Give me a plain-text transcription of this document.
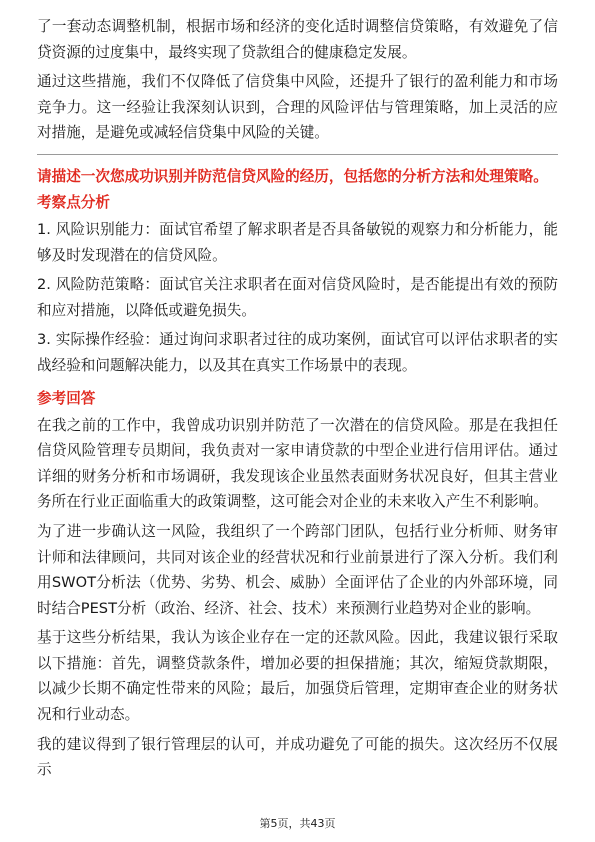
了一套动态调整机制，根据市场和经济的变化适时调整信贷策略，有效避免了信贷资源的过度集中，最终实现了贷款组合的健康稳定发展。

通过这些措施，我们不仅降低了信贷集中风险，还提升了银行的盈利能力和市场竞争力。这一经验让我深刻认识到，合理的风险评估与管理策略，加上灵活的应对措施，是避免或减轻信贷集中风险的关键。

请描述一次您成功识别并防范信贷风险的经历，包括您的分析方法和处理策略。

考察点分析

1. 风险识别能力：面试官希望了解求职者是否具备敏锐的观察力和分析能力，能够及时发现潜在的信贷风险。

2. 风险防范策略：面试官关注求职者在面对信贷风险时，是否能提出有效的预防和应对措施，以降低或避免损失。

3. 实际操作经验：通过询问求职者过往的成功案例，面试官可以评估求职者的实战经验和问题解决能力，以及其在真实工作场景中的表现。

参考回答

在我之前的工作中，我曾成功识别并防范了一次潜在的信贷风险。那是在我担任信贷风险管理专员期间，我负责对一家申请贷款的中型企业进行信用评估。通过详细的财务分析和市场调研，我发现该企业虽然表面财务状况良好，但其主营业务所在行业正面临重大的政策调整，这可能会对企业的未来收入产生不利影响。

为了进一步确认这一风险，我组织了一个跨部门团队，包括行业分析师、财务审计师和法律顾问，共同对该企业的经营状况和行业前景进行了深入分析。我们利用SWOT分析法（优势、劣势、机会、威胁）全面评估了企业的内外部环境，同时结合PEST分析（政治、经济、社会、技术）来预测行业趋势对企业的影响。

基于这些分析结果，我认为该企业存在一定的还款风险。因此，我建议银行采取以下措施：首先，调整贷款条件，增加必要的担保措施；其次，缩短贷款期限，以减少长期不确定性带来的风险；最后，加强贷后管理，定期审查企业的财务状况和行业动态。

我的建议得到了银行管理层的认可，并成功避免了可能的损失。这次经历不仅展示

第5页，共43页
